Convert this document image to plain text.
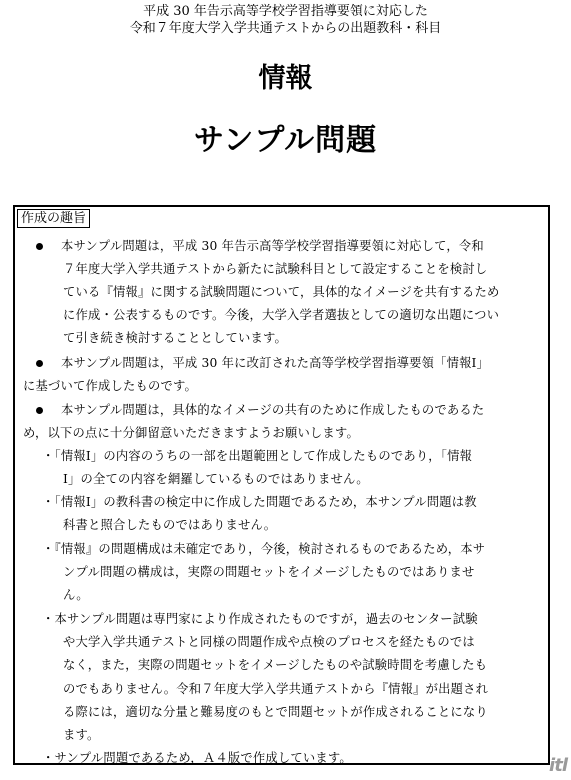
平成 30 年告示高等学校学習指導要領に対応した
令和７年度大学入学共通テストからの出題教科・科目
情報
サンプル問題
作成の趣旨
本サンプル問題は，平成 30 年告示高等学校学習指導要領に対応して，令和
７年度大学入学共通テストから新たに試験科目として設定することを検討し
ている『情報』に関する試験問題について，具体的なイメージを共有するため
に作成・公表するものです。今後，大学入学者選抜としての適切な出題につい
て引き続き検討することとしています。
本サンプル問題は，平成 30 年に改訂された高等学校学習指導要領「情報Ⅰ」
に基づいて作成したものです。
本サンプル問題は，具体的なイメージの共有のために作成したものであるた
め，以下の点に十分御留意いただきますようお願いします。
・「情報Ⅰ」の内容のうちの一部を出題範囲として作成したものであり，「情報
Ⅰ」の全ての内容を網羅しているものではありません。
・「情報Ⅰ」の教科書の検定中に作成した問題であるため，本サンプル問題は教
科書と照合したものではありません。
・『情報』の問題構成は未確定であり，今後，検討されるものであるため，本サ
ンプル問題の構成は，実際の問題セットをイメージしたものではありませ
ん。
・本サンプル問題は専門家により作成されたものですが，過去のセンター試験
や大学入学共通テストと同様の問題作成や点検のプロセスを経たものでは
なく，また，実際の問題セットをイメージしたものや試験時間を考慮したも
のでもありません。令和７年度大学入学共通テストから『情報』が出題され
る際には，適切な分量と難易度のもとで問題セットが作成されることになり
ます。
・サンプル問題であるため，Ａ４版で作成しています。	itl
